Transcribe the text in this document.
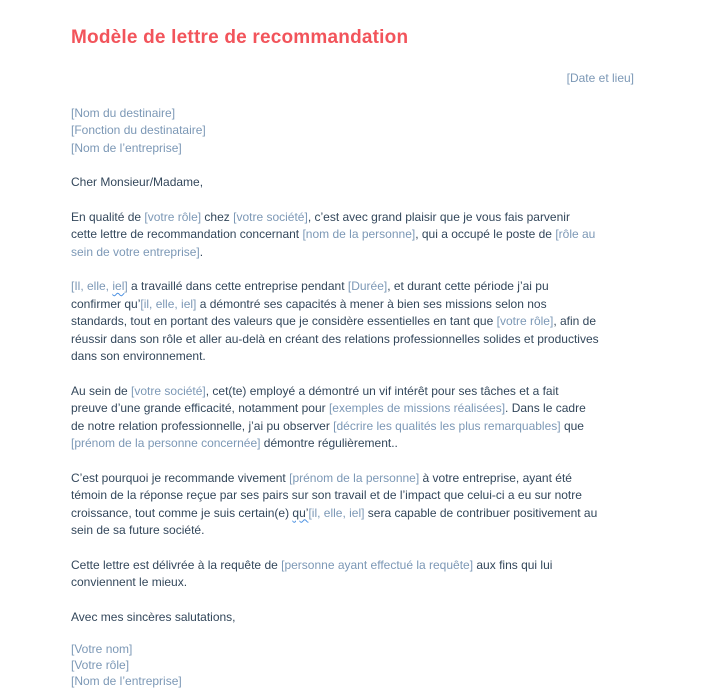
Modèle de lettre de recommandation
[Date et lieu]
[Nom du destinaire]
[Fonction du destinataire]
[Nom de l’entreprise]
Cher Monsieur/Madame,

En qualité de [votre rôle] chez [votre société], c’est avec grand plaisir que je vous fais parvenir
cette lettre de recommandation concernant [nom de la personne], qui a occupé le poste de [rôle au
sein de votre entreprise].

[Il, elle, iel] a travaillé dans cette entreprise pendant [Durée], et durant cette période j’ai pu
confirmer qu’[il, elle, iel] a démontré ses capacités à mener à bien ses missions selon nos
standards, tout en portant des valeurs que je considère essentielles en tant que [votre rôle], afin de
réussir dans son rôle et aller au-delà en créant des relations professionnelles solides et productives
dans son environnement.

Au sein de [votre société], cet(te) employé a démontré un vif intérêt pour ses tâches et a fait
preuve d’une grande efficacité, notamment pour [exemples de missions réalisées]. Dans le cadre
de notre relation professionnelle, j’ai pu observer [décrire les qualités les plus remarquables] que
[prénom de la personne concernée] démontre régulièrement..

C’est pourquoi je recommande vivement [prénom de la personne] à votre entreprise, ayant été
témoin de la réponse reçue par ses pairs sur son travail et de l’impact que celui-ci a eu sur notre
croissance, tout comme je suis certain(e) qu’[il, elle, iel] sera capable de contribuer positivement au
sein de sa future société.

Cette lettre est délivrée à la requête de [personne ayant effectué la requête] aux fins qui lui
conviennent le mieux.

Avec mes sincères salutations,
[Votre nom]
[Votre rôle]
[Nom de l’entreprise]
